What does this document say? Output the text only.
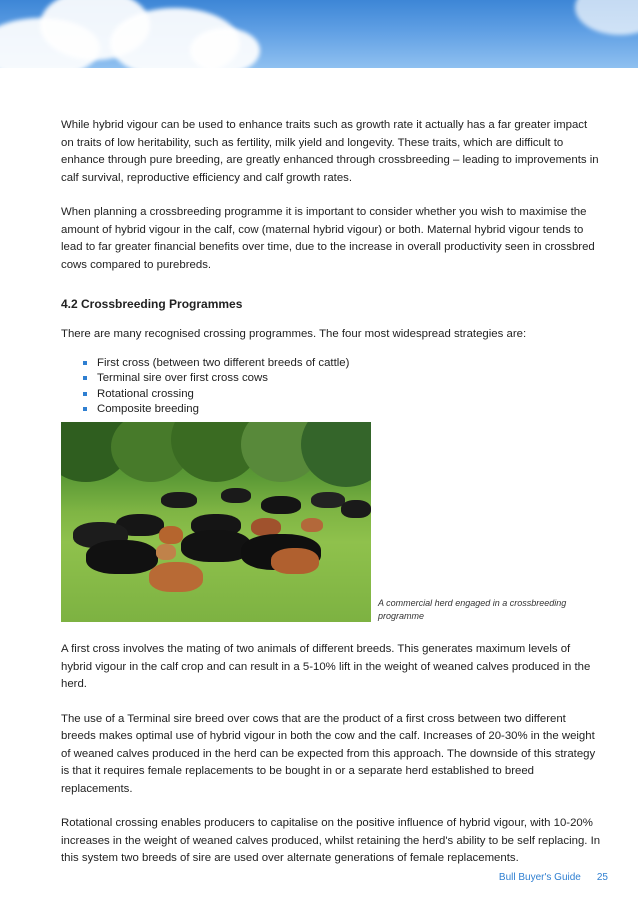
While hybrid vigour can be used to enhance traits such as growth rate it actually has a far greater impact on traits of low heritability, such as fertility, milk yield and longevity. These traits, which are difficult to enhance through pure breeding, are greatly enhanced through crossbreeding – leading to improvements in calf survival, reproductive efficiency and calf growth rates.

When planning a crossbreeding programme it is important to consider whether you wish to maximise the amount of hybrid vigour in the calf, cow (maternal hybrid vigour) or both. Maternal hybrid vigour tends to lead to far greater financial benefits over time, due to the increase in overall productivity seen in crossbred cows compared to purebreds.

4.2 Crossbreeding Programmes

There are many recognised crossing programmes. The four most widespread strategies are:

First cross (between two different breeds of cattle)
Terminal sire over first cross cows
Rotational crossing
Composite breeding
A commercial herd engaged in a crossbreeding programme

A first cross involves the mating of two animals of different breeds. This generates maximum levels of hybrid vigour in the calf crop and can result in a 5-10% lift in the weight of weaned calves produced in the herd.

The use of a Terminal sire breed over cows that are the product of a first cross between two different breeds makes optimal use of hybrid vigour in both the cow and the calf. Increases of 20-30% in the weight of weaned calves produced in the herd can be expected from this approach. The downside of this strategy is that it requires female replacements to be bought in or a separate herd established to breed replacements.

Rotational crossing enables producers to capitalise on the positive influence of hybrid vigour, with 10-20% increases in the weight of weaned calves produced, whilst retaining the herd's ability to be self replacing. In this system two breeds of sire are used over alternate generations of female replacements.

Bull Buyer's Guide 25
